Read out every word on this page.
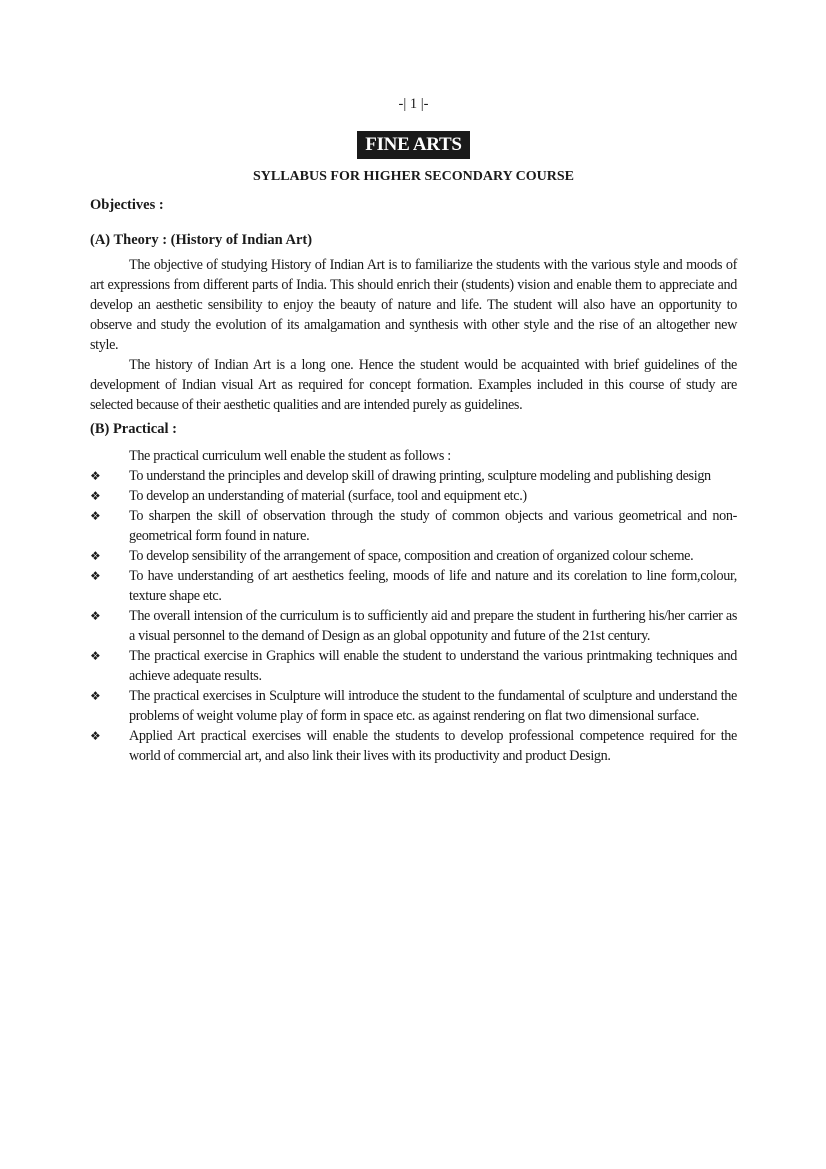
-| 1 |-
FINE ARTS
SYLLABUS FOR HIGHER SECONDARY COURSE
Objectives :
(A) Theory : (History of Indian Art)

The objective of studying History of Indian Art is to familiarize the students with the various style and moods of art expressions from different parts of India. This should enrich their (students) vision and enable them to appreciate and develop an aesthetic sensibility to enjoy the beauty of nature and life. The student will also have an opportunity to observe and study the evolution of its amalgamation and synthesis with other style and the rise of an altogether new style.

The history of Indian Art is a long one. Hence the student would be acquainted with brief guidelines of the development of Indian visual Art as required for concept formation. Examples included in this course of study are selected because of their aesthetic qualities and are intended purely as guidelines.

(B) Practical :
The practical curriculum well enable the student as follows :
❖ To understand the principles and develop skill of drawing printing, sculpture modeling and publishing design
❖ To develop an understanding of material (surface, tool and equipment etc.)
❖ To sharpen the skill of observation through the study of common objects and various geometrical and non-geometrical form found in nature.
❖ To develop sensibility of the arrangement of space, composition and creation of organized colour scheme.
❖ To have understanding of art aesthetics feeling, moods of life and nature and its corelation to line form,colour, texture shape etc.
❖ The overall intension of the curriculum is to sufficiently aid and prepare the student in furthering his/her carrier as a visual personnel to the demand of Design as an global oppotunity and future of the 21st century.
❖ The practical exercise in Graphics will enable the student to understand the various printmaking techniques and achieve adequate results.
❖ The practical exercises in Sculpture will introduce the student to the fundamental of sculpture and understand the problems of weight volume play of form in space etc. as against rendering on flat two dimensional surface.
❖ Applied Art practical exercises will enable the students to develop professional competence required for the world of commercial art, and also link their lives with its productivity and product Design.
